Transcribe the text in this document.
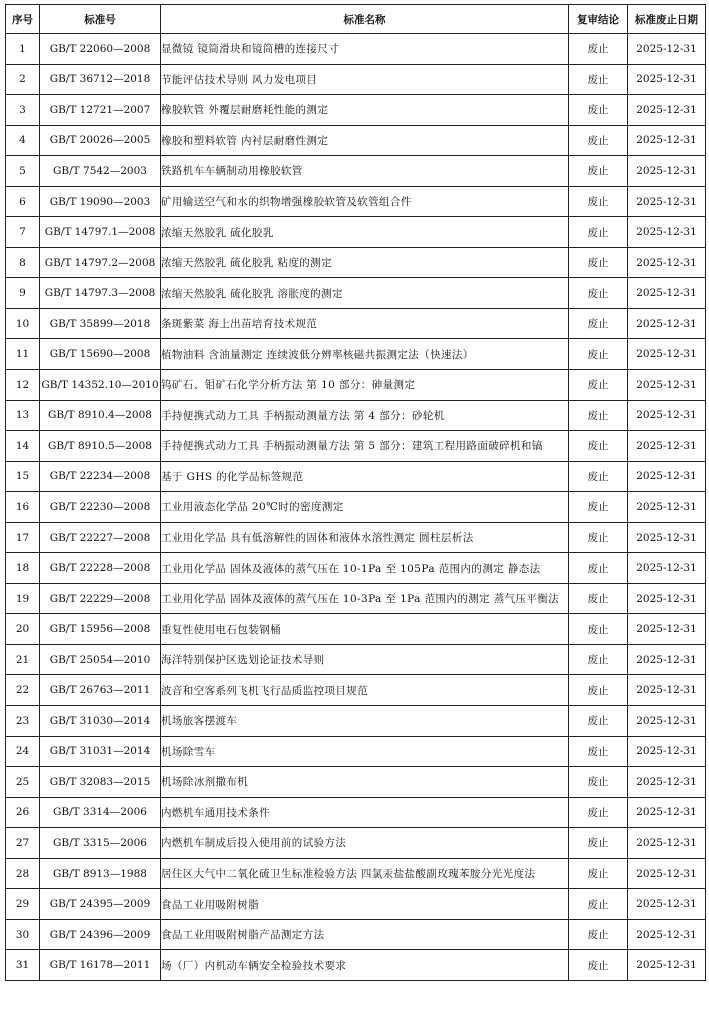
序号	标准号	标准名称	复审结论	标准废止日期
1	GB/T 22060—2008	显微镜 镜筒滑块和镜筒槽的连接尺寸	废止	2025-12-31
2	GB/T 36712—2018	节能评估技术导则 风力发电项目	废止	2025-12-31
3	GB/T 12721—2007	橡胶软管 外覆层耐磨耗性能的测定	废止	2025-12-31
4	GB/T 20026—2005	橡胶和塑料软管 内衬层耐磨性测定	废止	2025-12-31
5	GB/T 7542—2003	铁路机车车辆制动用橡胶软管	废止	2025-12-31
6	GB/T 19090—2003	矿用输送空气和水的织物增强橡胶软管及软管组合件	废止	2025-12-31
7	GB/T 14797.1—2008	浓缩天然胶乳 硫化胶乳	废止	2025-12-31
8	GB/T 14797.2—2008	浓缩天然胶乳 硫化胶乳 粘度的测定	废止	2025-12-31
9	GB/T 14797.3—2008	浓缩天然胶乳 硫化胶乳 溶胀度的测定	废止	2025-12-31
10	GB/T 35899—2018	条斑紫菜 海上出苗培育技术规范	废止	2025-12-31
11	GB/T 15690—2008	植物油料 含油量测定 连续波低分辨率核磁共振测定法（快速法）	废止	2025-12-31
12	GB/T 14352.10—2010	钨矿石、钼矿石化学分析方法 第 10 部分：砷量测定	废止	2025-12-31
13	GB/T 8910.4—2008	手持便携式动力工具 手柄振动测量方法 第 4 部分：砂轮机	废止	2025-12-31
14	GB/T 8910.5—2008	手持便携式动力工具 手柄振动测量方法 第 5 部分：建筑工程用路面破碎机和镐	废止	2025-12-31
15	GB/T 22234—2008	基于 GHS 的化学品标签规范	废止	2025-12-31
16	GB/T 22230—2008	工业用液态化学品 20℃时的密度测定	废止	2025-12-31
17	GB/T 22227—2008	工业用化学品 具有低溶解性的固体和液体水溶性测定 圆柱层析法	废止	2025-12-31
18	GB/T 22228—2008	工业用化学品 固体及液体的蒸气压在 10-1Pa 至 105Pa 范围内的测定 静态法	废止	2025-12-31
19	GB/T 22229—2008	工业用化学品 固体及液体的蒸气压在 10-3Pa 至 1Pa 范围内的测定 蒸气压平衡法	废止	2025-12-31
20	GB/T 15956—2008	重复性使用电石包装钢桶	废止	2025-12-31
21	GB/T 25054—2010	海洋特别保护区选划论证技术导则	废止	2025-12-31
22	GB/T 26763—2011	波音和空客系列飞机飞行品质监控项目规范	废止	2025-12-31
23	GB/T 31030—2014	机场旅客摆渡车	废止	2025-12-31
24	GB/T 31031—2014	机场除雪车	废止	2025-12-31
25	GB/T 32083—2015	机场除冰剂撒布机	废止	2025-12-31
26	GB/T 3314—2006	内燃机车通用技术条件	废止	2025-12-31
27	GB/T 3315—2006	内燃机车制成后投入使用前的试验方法	废止	2025-12-31
28	GB/T 8913—1988	居住区大气中二氧化硫卫生标准检验方法 四氯汞盐盐酸副玫瑰苯胺分光光度法	废止	2025-12-31
29	GB/T 24395—2009	食品工业用吸附树脂	废止	2025-12-31
30	GB/T 24396—2009	食品工业用吸附树脂产品测定方法	废止	2025-12-31
31	GB/T 16178—2011	场（厂）内机动车辆安全检验技术要求	废止	2025-12-31
